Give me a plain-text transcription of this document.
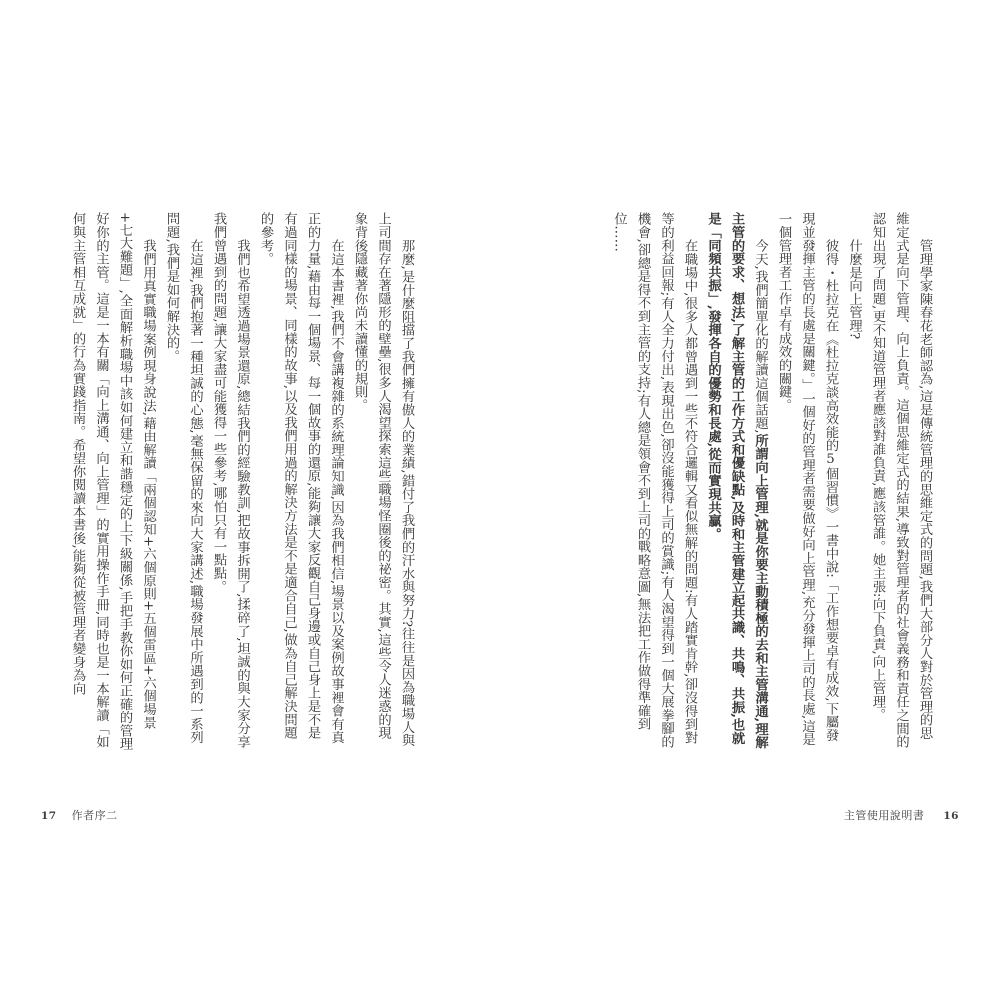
那麼,是什麼阻擋了我們擁有傲人的業績,錯付了我們的汗水與努力?往往是因為職場人與上司間存在著隱形的壁壘,很多人渴望探索這些職場怪圈後的祕密。其實,這些令人迷惑的現象背後隱藏著你尚未讀懂的規則。

在這本書裡,我們不會講複雜的系統理論知識,因為我們相信,場景以及案例故事裡會有真正的力量,藉由每一個場景、每一個故事的還原,能夠讓大家反觀自己身邊或自己身上是不是有過同樣的場景、同樣的故事,以及我們用過的解決方法是不是適合自己,做為自己解決問題的參考。

我們也希望透過場景還原,總結我們的經驗教訓,把故事拆開了,揉碎了,坦誠的與大家分享我們曾遇到的問題,讓大家盡可能獲得一些參考,哪怕只有一點點。

在這裡,我們抱著一種坦誠的心態,毫無保留的來向大家講述,職場發展中所遇到的一系列問題,我們是如何解決的。

我們用真實職場案例現身說法,藉由解讀「兩個認知+六個原則+五個雷區+六個場景+七大難題」,全面解析職場中該如何建立和諧穩定的上下級關係,手把手教你如何正確的管理好你的主管。這是一本有關「向上溝通、向上管理」的實用操作手冊,同時也是一本解讀「如何與主管相互成就」的行為實踐指南。希望你閱讀本書後,能夠從被管理者變身為向

17 作者序二

管理學家陳春花老師認為,這是傳統管理的思維定式的問題,我們大部分人對於管理的思維定式是向下管理、向上負責。這個思維定式的結果,導致對管理者的社會義務和責任之間的認知出現了問題,更不知道管理者應該對誰負責,應該管誰。她主張:向下負責,向上管理。

什麼是向上管理?

彼得・杜拉克在《杜拉克談高效能的5個習慣》一書中說:「工作想要卓有成效,下屬發現並發揮主管的長處是關鍵。」一個好的管理者需要做好向上管理,充分發揮上司的長處,這是一個管理者工作卓有成效的關鍵。

今天,我們簡單化的解讀這個話題,所謂向上管理,就是你要主動積極的去和主管溝通,理解主管的要求、想法,了解主管的工作方式和優缺點,及時和主管建立起共識、共鳴、共振,也就是「同頻共振」,發揮各自的優勢和長處,從而實現共贏。

在職場中,很多人都曾遇到一些不符合邏輯又看似無解的問題:有人踏實肯幹,卻沒得到對等的利益回報;有人全力付出,表現出色,卻沒能獲得上司的賞識;有人渴望得到一個大展拳腳的機會,卻總是得不到主管的支持;有人總是領會不到上司的戰略意圖,無法把工作做得準確到位……

主管使用說明書 16
